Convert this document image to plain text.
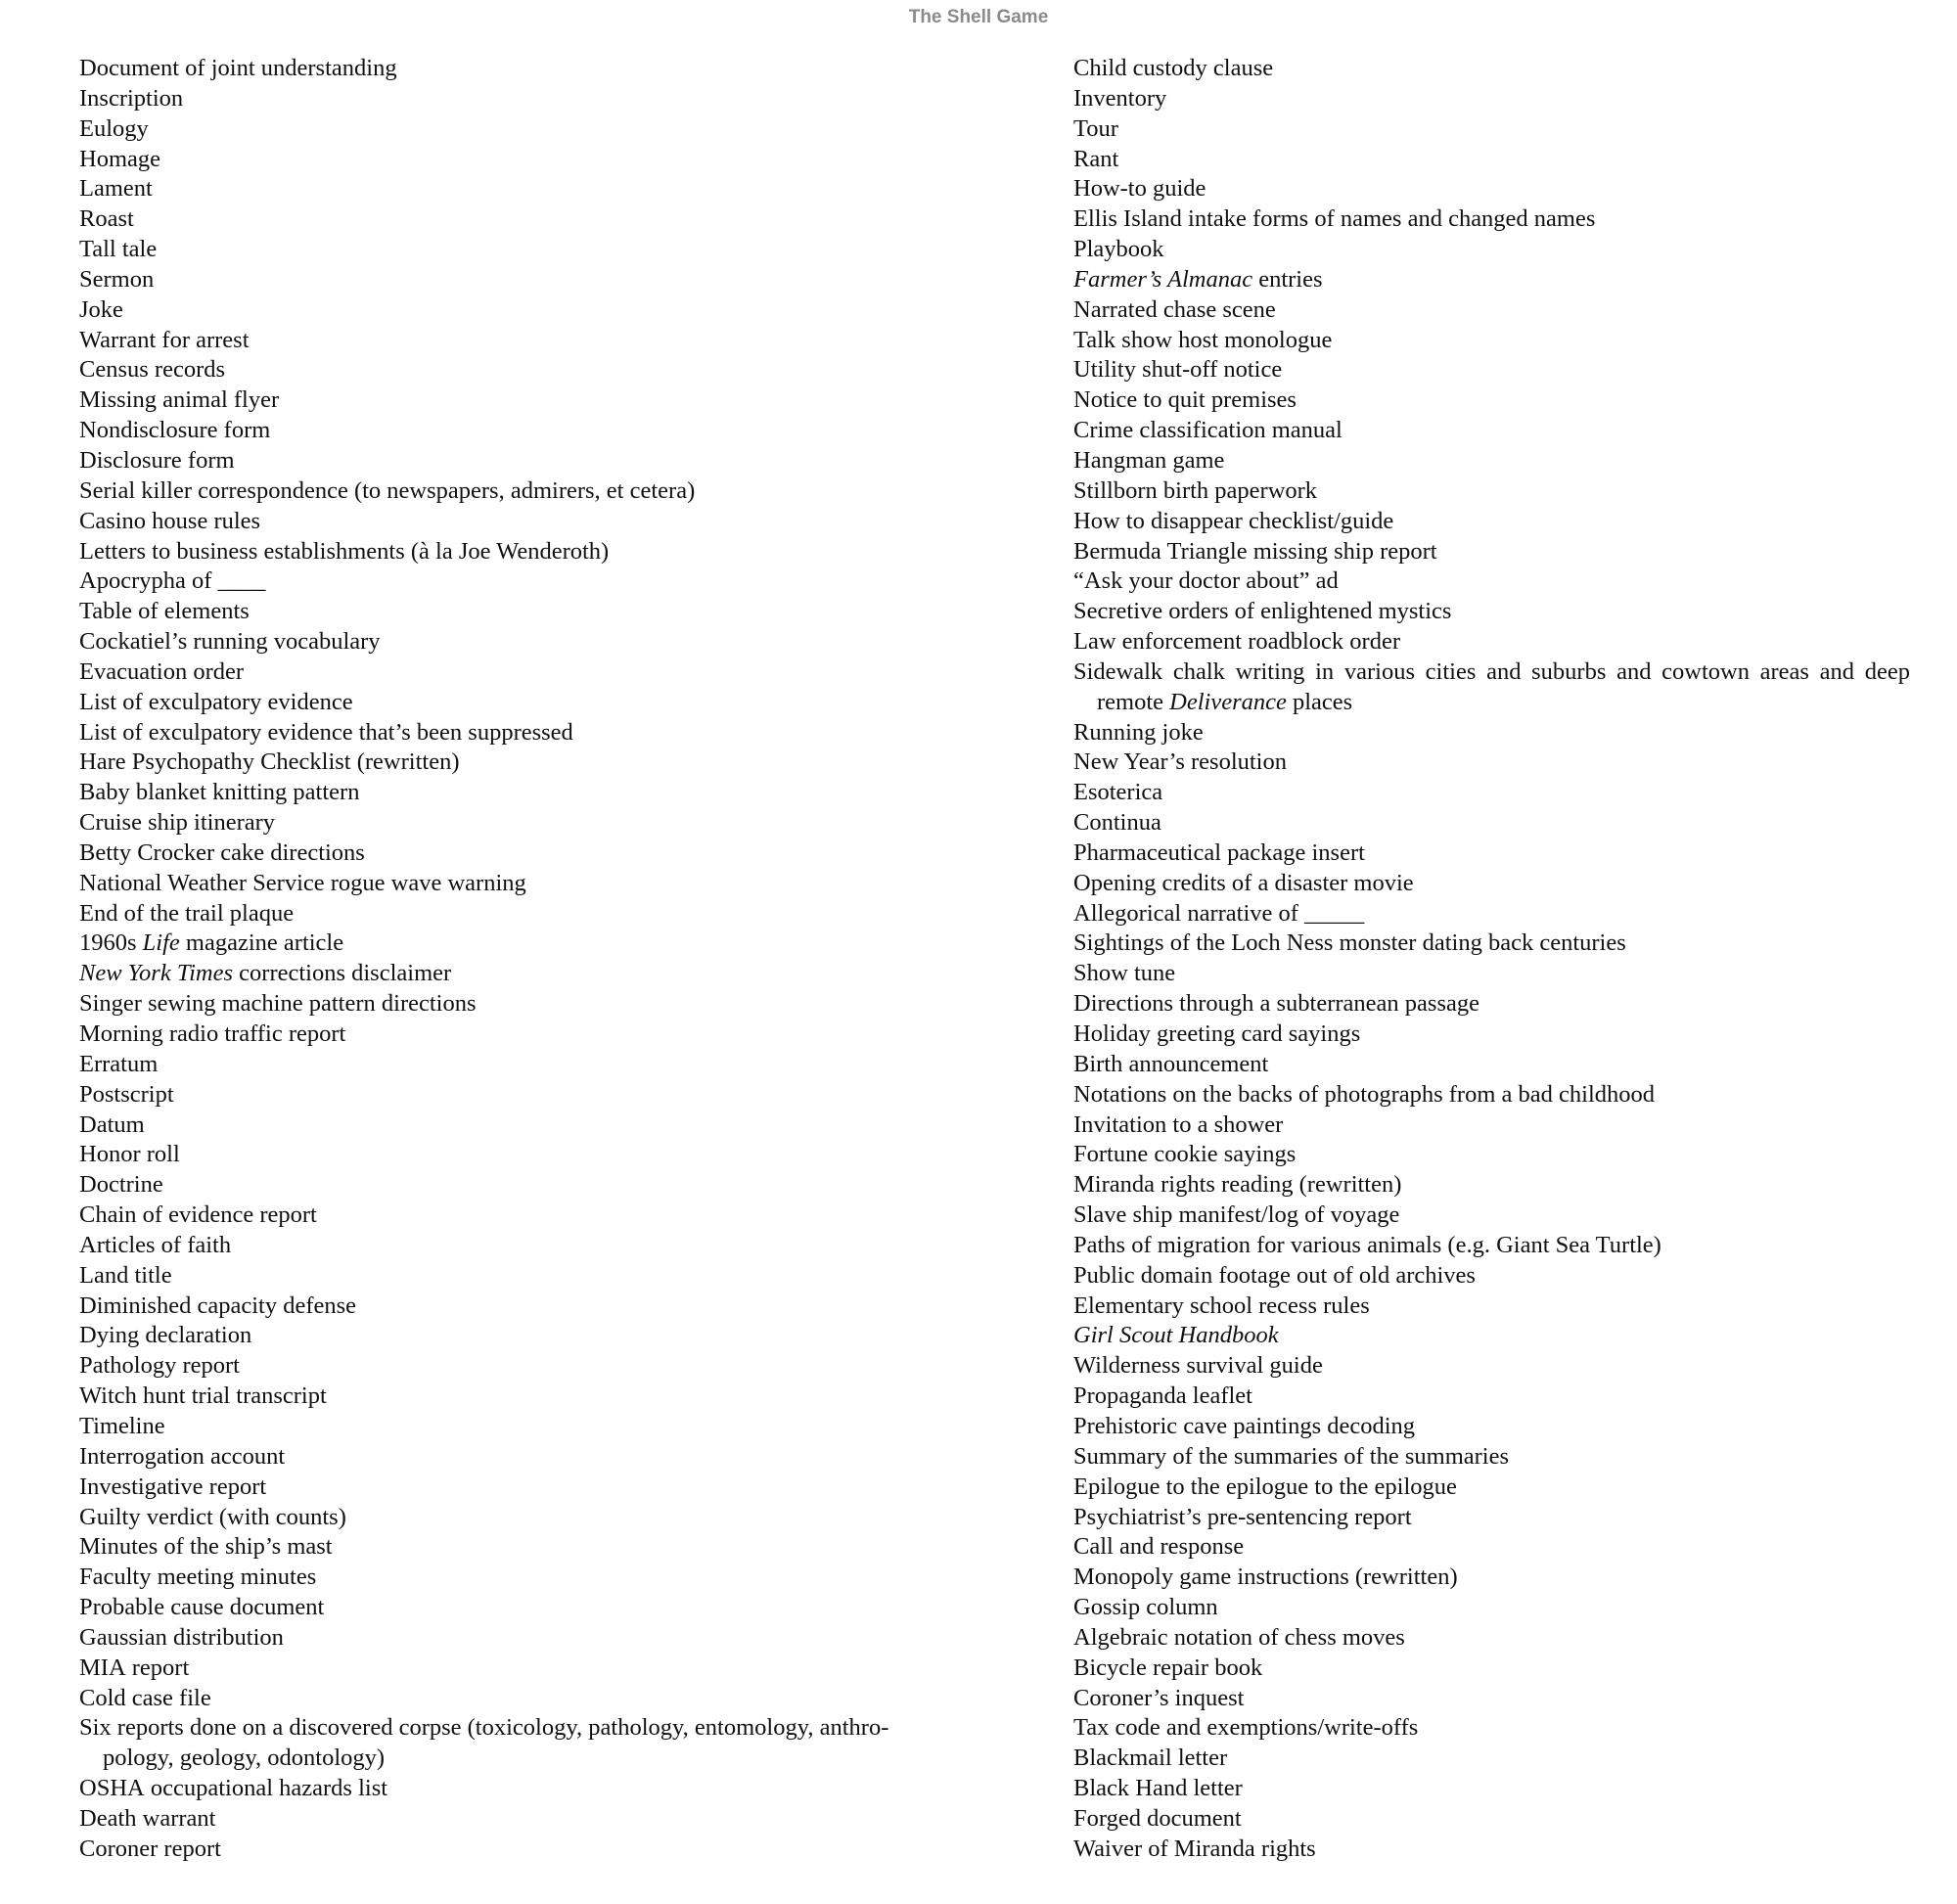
The Shell Game
Document of joint understanding
Inscription
Eulogy
Homage
Lament
Roast
Tall tale
Sermon
Joke
Warrant for arrest
Census records
Missing animal flyer
Nondisclosure form
Disclosure form
Serial killer correspondence (to newspapers, admirers, et cetera)
Casino house rules
Letters to business establishments (à la Joe Wenderoth)
Apocrypha of ____
Table of elements
Cockatiel’s running vocabulary
Evacuation order
List of exculpatory evidence
List of exculpatory evidence that’s been suppressed
Hare Psychopathy Checklist (rewritten)
Baby blanket knitting pattern
Cruise ship itinerary
Betty Crocker cake directions
National Weather Service rogue wave warning
End of the trail plaque
1960s Life magazine article
New York Times corrections disclaimer
Singer sewing machine pattern directions
Morning radio traffic report
Erratum
Postscript
Datum
Honor roll
Doctrine
Chain of evidence report
Articles of faith
Land title
Diminished capacity defense
Dying declaration
Pathology report
Witch hunt trial transcript
Timeline
Interrogation account
Investigative report
Guilty verdict (with counts)
Minutes of the ship’s mast
Faculty meeting minutes
Probable cause document
Gaussian distribution
MIA report
Cold case file
Six reports done on a discovered corpse (toxicology, pathology, entomology, anthro-
pology, geology, odontology)
OSHA occupational hazards list
Death warrant
Coroner report
Child custody clause
Inventory
Tour
Rant
How-to guide
Ellis Island intake forms of names and changed names
Playbook
Farmer’s Almanac entries
Narrated chase scene
Talk show host monologue
Utility shut-off notice
Notice to quit premises
Crime classification manual
Hangman game
Stillborn birth paperwork
How to disappear checklist/guide
Bermuda Triangle missing ship report
“Ask your doctor about” ad
Secretive orders of enlightened mystics
Law enforcement roadblock order
Sidewalk chalk writing in various cities and suburbs and cowtown areas and deep remote Deliverance places
Running joke
New Year’s resolution
Esoterica
Continua
Pharmaceutical package insert
Opening credits of a disaster movie
Allegorical narrative of _____
Sightings of the Loch Ness monster dating back centuries
Show tune
Directions through a subterranean passage
Holiday greeting card sayings
Birth announcement
Notations on the backs of photographs from a bad childhood
Invitation to a shower
Fortune cookie sayings
Miranda rights reading (rewritten)
Slave ship manifest/log of voyage
Paths of migration for various animals (e.g. Giant Sea Turtle)
Public domain footage out of old archives
Elementary school recess rules
Girl Scout Handbook
Wilderness survival guide
Propaganda leaflet
Prehistoric cave paintings decoding
Summary of the summaries of the summaries
Epilogue to the epilogue to the epilogue
Psychiatrist’s pre-sentencing report
Call and response
Monopoly game instructions (rewritten)
Gossip column
Algebraic notation of chess moves
Bicycle repair book
Coroner’s inquest
Tax code and exemptions/write-offs
Blackmail letter
Black Hand letter
Forged document
Waiver of Miranda rights
